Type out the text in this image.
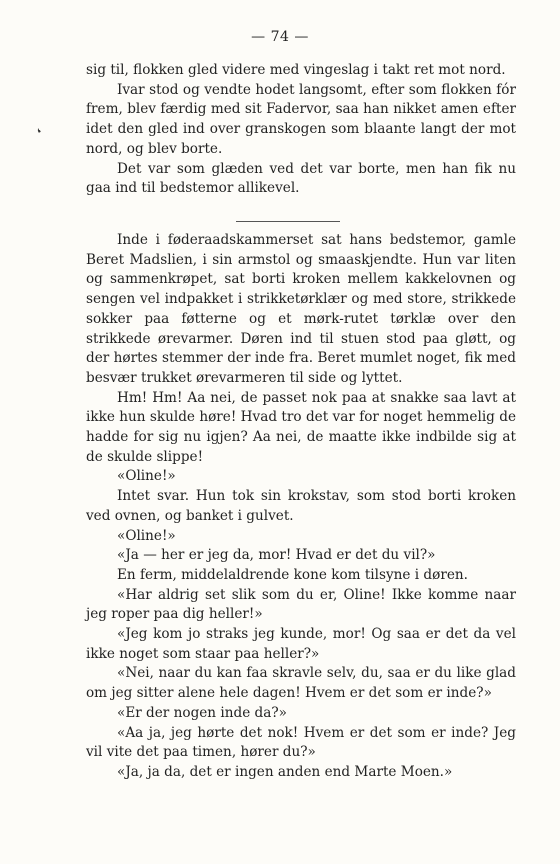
— 74 —
❛

sig til, flokken gled videre med vingeslag i takt ret mot nord.

Ivar stod og vendte hodet langsomt, efter som flokken fór frem, blev færdig med sit Fadervor, saa han nikket amen efter idet den gled ind over granskogen som blaante langt der mot nord, og blev borte.

Det var som glæden ved det var borte, men han fik nu gaa ind til bedstemor allikevel.

Inde i føderaadskammerset sat hans bedstemor, gamle Beret Madslien, i sin armstol og smaaskjendte. Hun var liten og sammenkrøpet, sat borti kroken mellem kakkelovnen og sengen vel indpakket i strikketørklær og med store, strikkede sokker paa føtterne og et mørk-rutet tørklæ over den strikkede ørevarmer. Døren ind til stuen stod paa gløtt, og der hørtes stemmer der inde fra. Beret mumlet noget, fik med besvær trukket ørevarmeren til side og lyttet.

Hm! Hm! Aa nei, de passet nok paa at snakke saa lavt at ikke hun skulde høre! Hvad tro det var for noget hemmelig de hadde for sig nu igjen? Aa nei, de maatte ikke indbilde sig at de skulde slippe!

«Oline!»

Intet svar. Hun tok sin krokstav, som stod borti kroken ved ovnen, og banket i gulvet.

«Oline!»

«Ja — her er jeg da, mor! Hvad er det du vil?»

En ferm, middelaldrende kone kom tilsyne i døren.

«Har aldrig set slik som du er, Oline! Ikke komme naar jeg roper paa dig heller!»

«Jeg kom jo straks jeg kunde, mor! Og saa er det da vel ikke noget som staar paa heller?»

«Nei, naar du kan faa skravle selv, du, saa er du like glad om jeg sitter alene hele dagen! Hvem er det som er inde?»

«Er der nogen inde da?»

«Aa ja, jeg hørte det nok! Hvem er det som er inde? Jeg vil vite det paa timen, hører du?»

«Ja, ja da, det er ingen anden end Marte Moen.»
